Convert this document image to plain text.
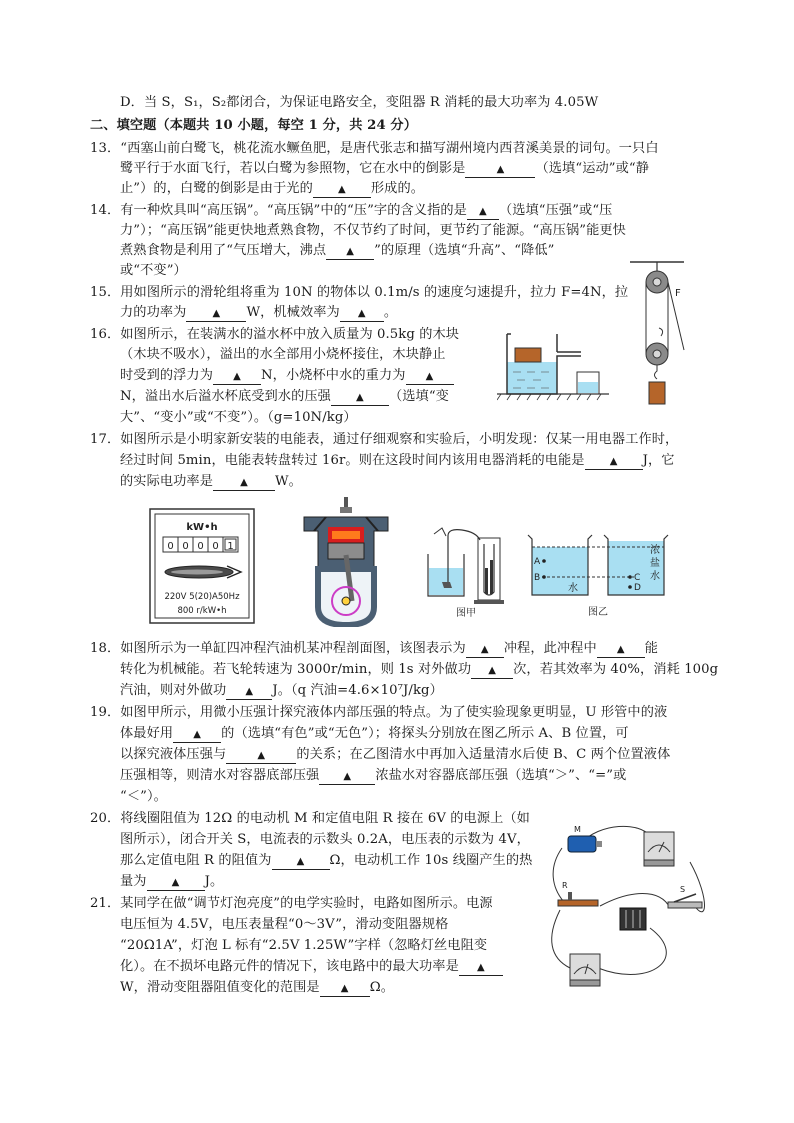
D．当 S，S₁，S₂都闭合，为保证电路安全，变阻器 R 消耗的最大功率为 4.05W
二、填空题（本题共 10 小题，每空 1 分，共 24 分）
13．“西塞山前白鹭飞，桃花流水鳜鱼肥，是唐代张志和描写湖州境内西苕溪美景的词句。一只白
鹭平行于水面飞行，若以白鹭为参照物，它在水中的倒影是	▲ （选填“运动”或“静
止”）的，白鹭的倒影是由于光的	▲ 形成的。
14．有一种炊具叫“高压锅”。“高压锅”中的“压”字的含义指的是 ▲ （选填“压强”或“压
力”）；“高压锅”能更快地煮熟食物，不仅节约了时间，更节约了能源。“高压锅”能更快
煮熟食物是利用了“气压增大，沸点 ▲ ”的原理（选填“升高”、“降低”
或“不变”）
15．用如图所示的滑轮组将重为 10N 的物体以 0.1m/s 的速度匀速提升，拉力 F=4N，拉
力的功率为	▲ W，机械效率为 ▲ 。
16．如图所示，在装满水的溢水杯中放入质量为 0.5kg 的木块
（木块不吸水），溢出的水全部用小烧杯接住，木块静止
时受到的浮力为 ▲ N，小烧杯中水的重力为 ▲
N，溢出水后溢水杯底受到水的压强	▲ （选填“变
大”、“变小”或“不变”）。（g=10N/kg）
17．如图所示是小明家新安装的电能表，通过仔细观察和实验后，小明发现：仅某一用电器工作时，
经过时间 5min，电能表转盘转过 16r。则在这段时间内该用电器消耗的电能是	▲ J，它
的实际电功率是	▲ W。
18．如图所示为一单缸四冲程汽油机某冲程剖面图，该图表示为 ▲ 冲程，此冲程中 ▲ 能
转化为机械能。若飞轮转速为 3000r/min，则 1s 对外做功 ▲ 次，若其效率为 40%，消耗 100g
汽油，则对外做功 ▲ J。（q 汽油=4.6×10⁷J/kg）
19．如图甲所示，用微小压强计探究液体内部压强的特点。为了使实验现象更明显，U 形管中的液
体最好用 ▲ 的（选填“有色”或“无色”）；将探头分别放在图乙所示 A、B 位置，可
以探究液体压强与	▲ 的关系；在乙图清水中再加入适量清水后使 B、C 两个位置液体
压强相等，则清水对容器底部压强 ▲ 浓盐水对容器底部压强（选填“＞”、“=”或
“＜”）。
20．将线圈阻值为 12Ω 的电动机 M 和定值电阻 R 接在 6V 的电源上（如
图所示），闭合开关 S，电流表的示数头 0.2A，电压表的示数为 4V，
那么定值电阻 R 的阻值为	▲ Ω，电动机工作 10s 线圈产生的热
量为	▲ J。
21．某同学在做“调节灯泡亮度”的电学实验时，电路如图所示。电源
电压恒为 4.5V，电压表量程“0～3V”，滑动变阻器规格
“20Ω1A”，灯泡 L 标有“2.5V 1.25W”字样（忽略灯丝电阻变
化）。在不损坏电路元件的情况下，该电路中的最大功率是 ▲
W，滑动变阻器阻值变化的范围是 ▲ Ω。
F
kW•h
0 0 0 0 1
220V 5(20)A50Hz
800 r/kW•h	图甲
A
B
水
C
D
浓
盐
水
图乙
M
R	S
